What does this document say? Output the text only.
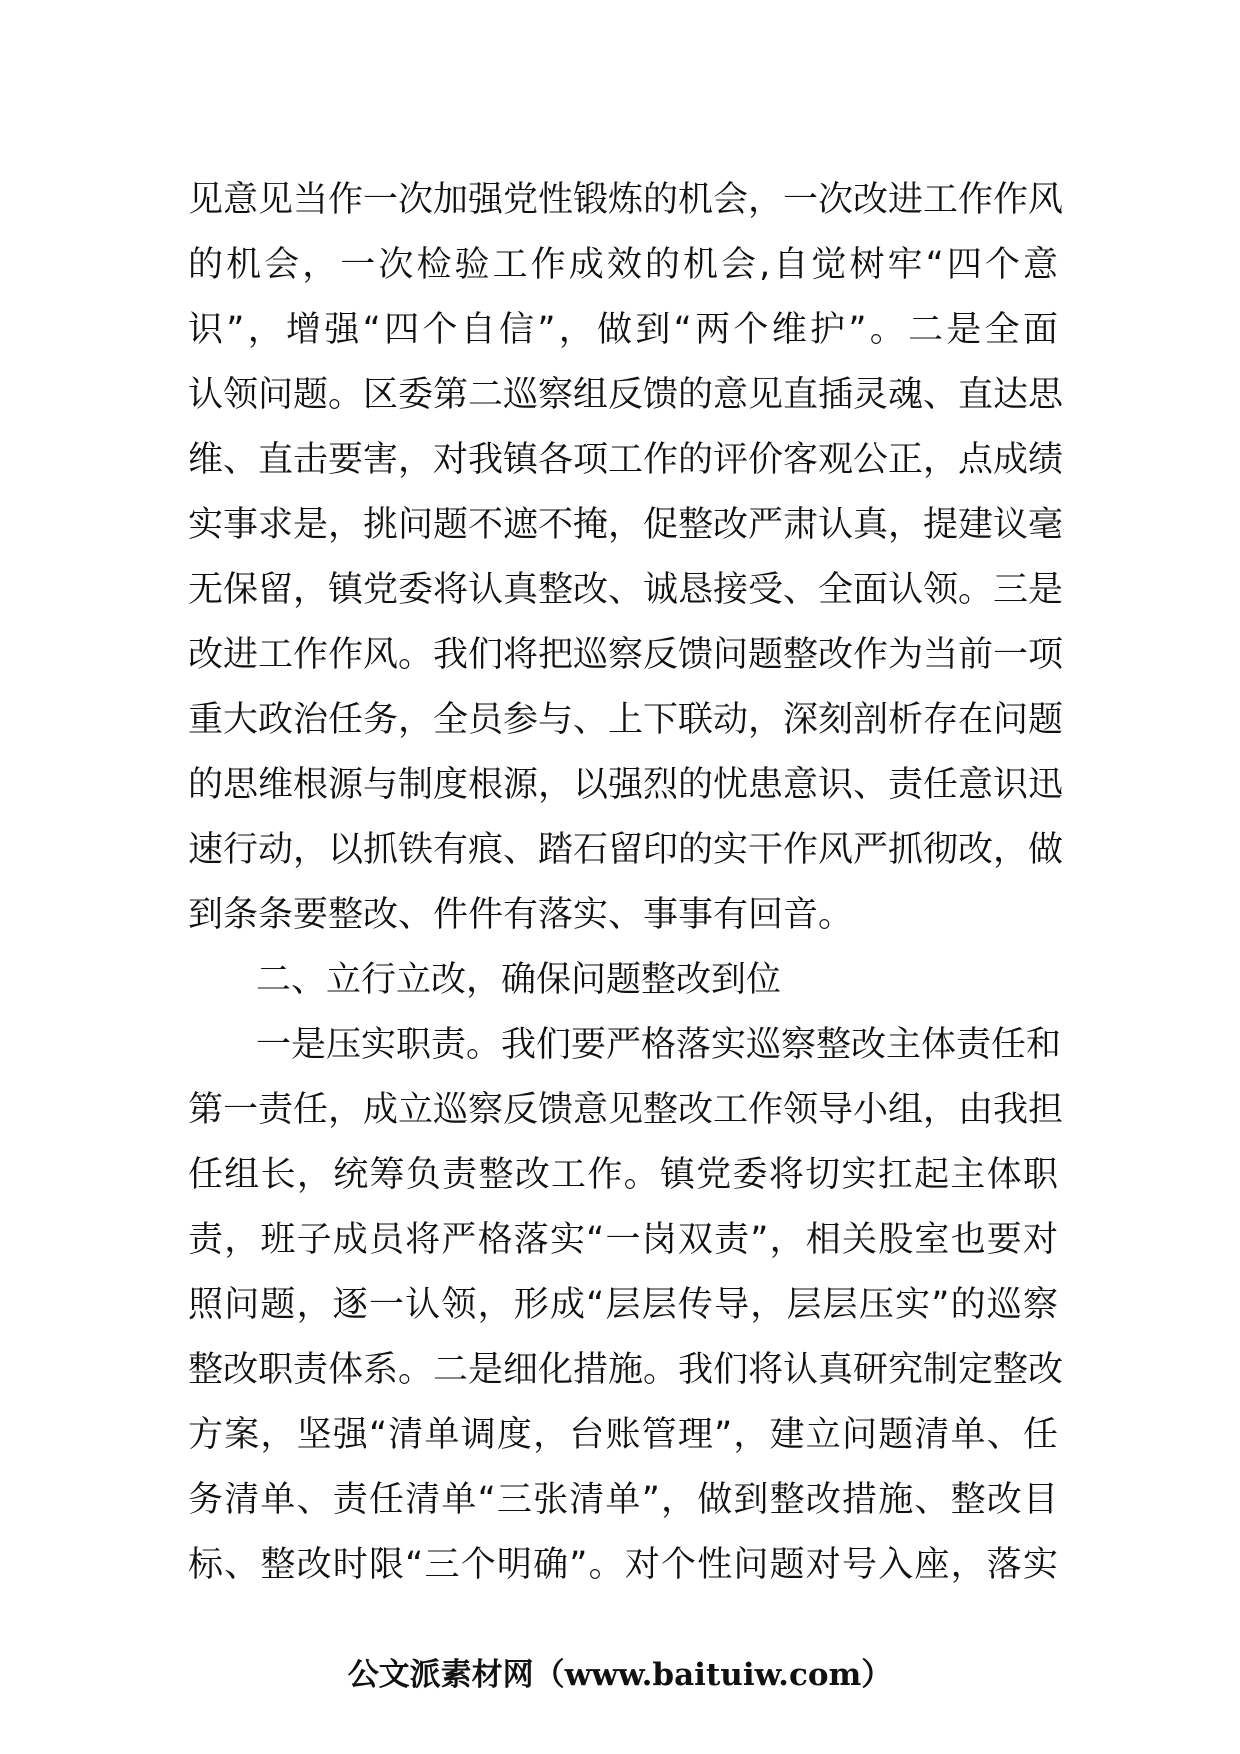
见意见当作一次加强党性锻炼的机会，一次改进工作作风
的机会，一次检验工作成效的机会,自觉树牢“四个意
识”，增强“四个自信”，做到“两个维护”。二是全面
认领问题。区委第二巡察组反馈的意见直插灵魂、直达思
维、直击要害，对我镇各项工作的评价客观公正，点成绩
实事求是，挑问题不遮不掩，促整改严肃认真，提建议毫
无保留，镇党委将认真整改、诚恳接受、全面认领。三是
改进工作作风。我们将把巡察反馈问题整改作为当前一项
重大政治任务，全员参与、上下联动，深刻剖析存在问题
的思维根源与制度根源，以强烈的忧患意识、责任意识迅
速行动，以抓铁有痕、踏石留印的实干作风严抓彻改，做
到条条要整改、件件有落实、事事有回音。
二、立行立改，确保问题整改到位
一是压实职责。我们要严格落实巡察整改主体责任和
第一责任，成立巡察反馈意见整改工作领导小组，由我担
任组长，统筹负责整改工作。镇党委将切实扛起主体职
责，班子成员将严格落实“一岗双责”，相关股室也要对
照问题，逐一认领，形成“层层传导，层层压实”的巡察
整改职责体系。二是细化措施。我们将认真研究制定整改
方案，坚强“清单调度，台账管理”，建立问题清单、任
务清单、责任清单“三张清单”，做到整改措施、整改目
标、整改时限“三个明确”。对个性问题对号入座，落实
公文派素材网（www.baituiw.com）
